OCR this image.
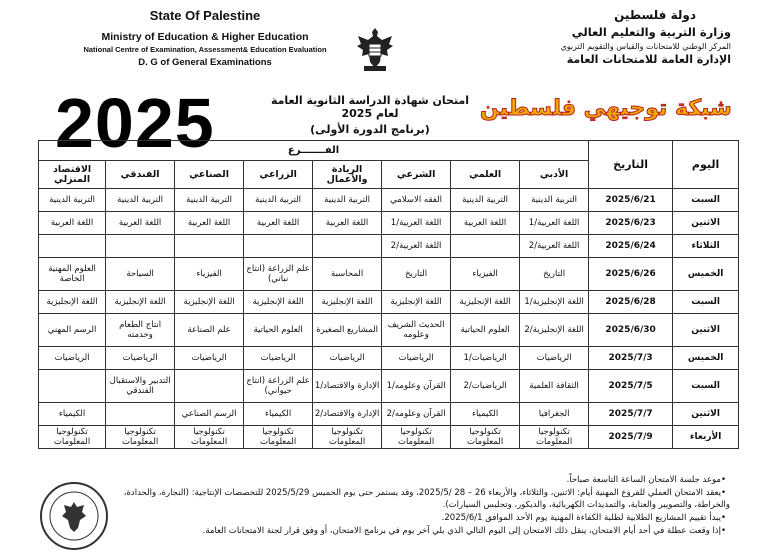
State Of Palestine
Ministry of Education & Higher Education
National Centre of Examination, Assessment& Education Evaluation
D. G of General Examinations
دولة فلسطين
وزارة التربية والتعليم العالي
المركز الوطني للامتحانات والقياس والتقويم التربوي
الإدارة العامة للامتحانات العامة
2025	شبكة توجيهي فلسطين
امتحان شهادة الدراسة الثانوية العامة لعام 2025
(برنامج الدورة الأولى)
اليوم	التاريخ	الفـــــــرع							
		الأدبي	العلمي	الشرعي	الريادة والأعمال	الزراعي	الصناعي	الفندقي	الاقتصاد المنزلي
السبت	2025/6/21	التربية الدينية	التربية الدينية	الفقه الاسلامي	التربية الدينية	التربية الدينية	التربية الدينية	التربية الدينية	التربية الدينية
الاثنين	2025/6/23	اللغة العربية/1	اللغة العربية	اللغة العربية/1	اللغة العربية	اللغة العربية	اللغة العربية	اللغة العربية	اللغة العربية
الثلاثاء	2025/6/24	اللغة العربية/2		اللغة العربية/2					
الخميس	2025/6/26	التاريخ	الفيزياء	التاريخ	المحاسبة	علم الزراعة (انتاج نباتي)	الفيزياء	السياحة	العلوم المهنية الخاصة
السبت	2025/6/28	اللغة الإنجليزية/1	اللغة الإنجليزية	اللغة الإنجليزية	اللغة الإنجليزية	اللغة الإنجليزية	اللغة الإنجليزية	اللغة الإنجليزية	اللغة الإنجليزية
الاثنين	2025/6/30	اللغة الإنجليزية/2	العلوم الحياتية	الحديث الشريف وعلومه	المشاريع الصغيرة	العلوم الحياتية	علم الصناعة	انتاج الطعام وخدمته	الرسم المهني
الخميس	2025/7/3	الرياضيات	الرياضيات/1	الرياضيات	الرياضيات	الرياضيات	الرياضيات	الرياضيات	الرياضيات
السبت	2025/7/5	الثقافة العلمية	الرياضيات/2	القرآن وعلومه/1	الإدارة والاقتصاد/1	علم الزراعة (انتاج حيواني)		التدبير والاستقبال الفندقي	
الاثنين	2025/7/7	الجغرافيا	الكيمياء	القرآن وعلومه/2	الإدارة والاقتصاد/2	الكيمياء	الرسم الصناعي		الكيمياء
الأربعاء	2025/7/9	تكنولوجيا المعلومات	تكنولوجيا المعلومات	تكنولوجيا المعلومات	تكنولوجيا المعلومات	تكنولوجيا المعلومات	تكنولوجيا المعلومات	تكنولوجيا المعلومات	تكنولوجيا المعلومات

•موعد جلسة الامتحان الساعة التاسعة صباحاً.

•يعقد الامتحان العملي للفروع المهنية أيام: الاثنين، والثلاثاء، والأربعاء 26 – 28 /2025/5، وقد يستمر حتى يوم الخميس 2025/5/29 للتخصصات الإنتاجية: (النجارة، والحدادة، والخراطة، والتصويبر والعناية، والتمديدات الكهربائية، والديكور، وتجليس السيارات).

•يبدأ تقييم المشاريع الطلابية لطلبة الكفاءة المهنية يوم الأحد الموافق 2025/6/1.

•إذا وقعت عطلة في أحد أيام الامتحان، ينقل ذلك الامتحان إلى اليوم التالي الذي يلي آخر يوم في برنامج الامتحان، أو وفق قرار لجنة الامتحانات العامة.
